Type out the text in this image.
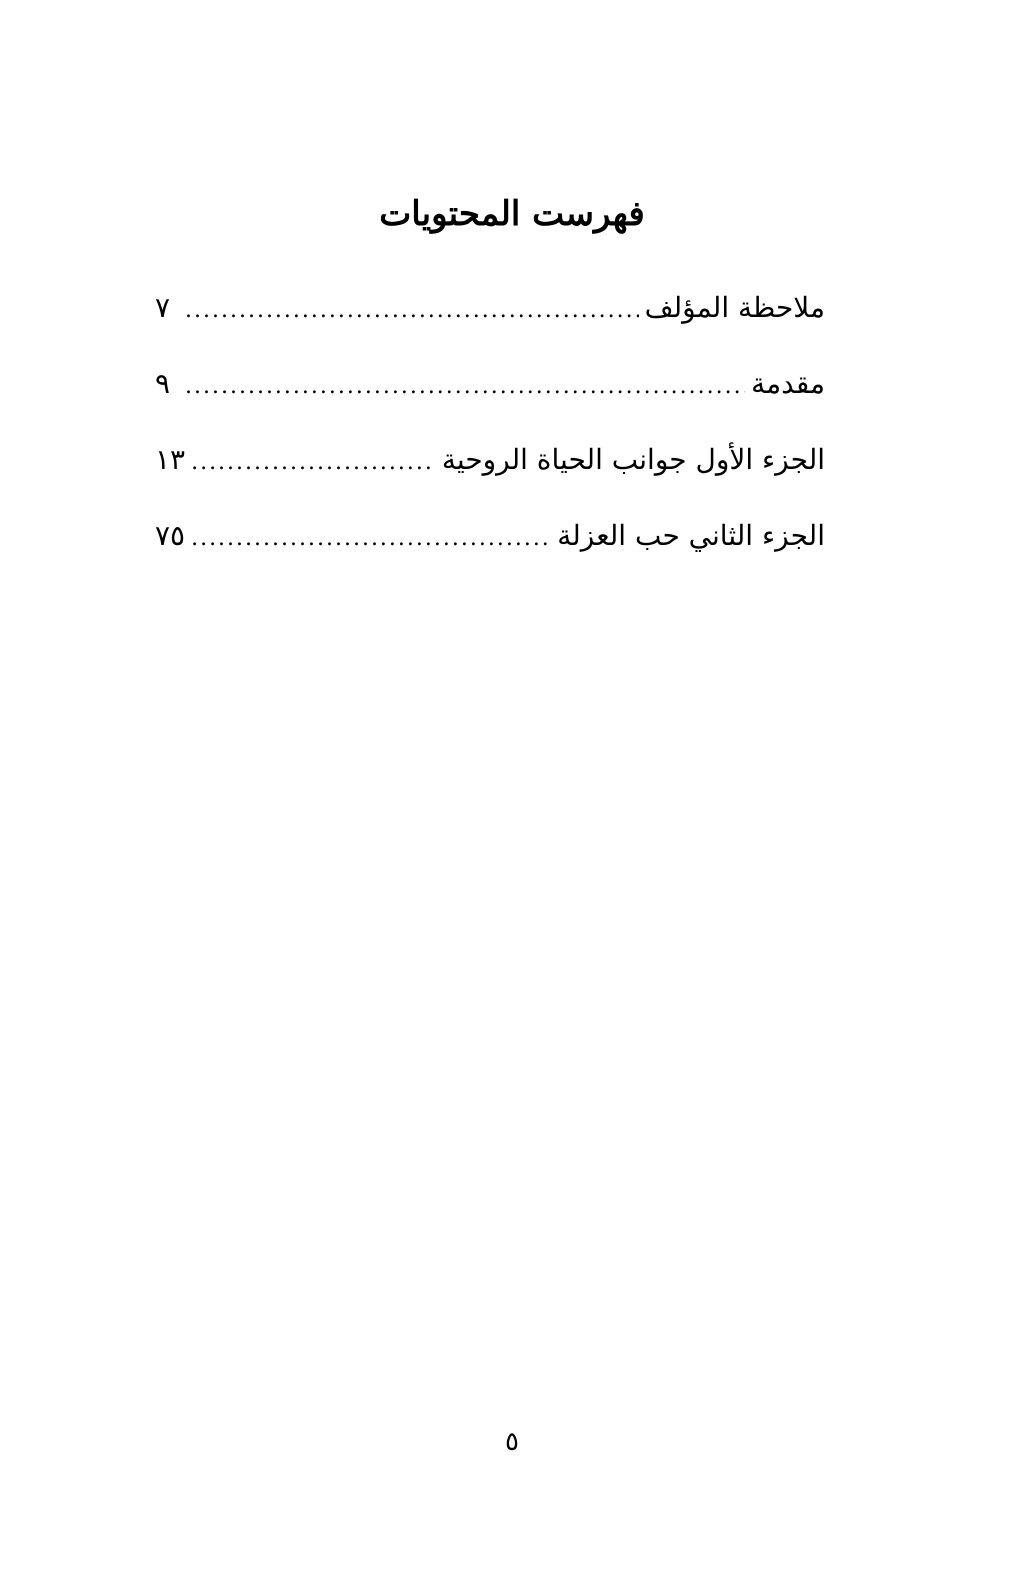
فهرست المحتويات
ملاحظة المؤلف
.....
٧
مقدمة
.....
٩
الجزء الأول جوانب الحياة الروحية
.....
١٣
الجزء الثاني حب العزلة
.....
٧٥
٥
